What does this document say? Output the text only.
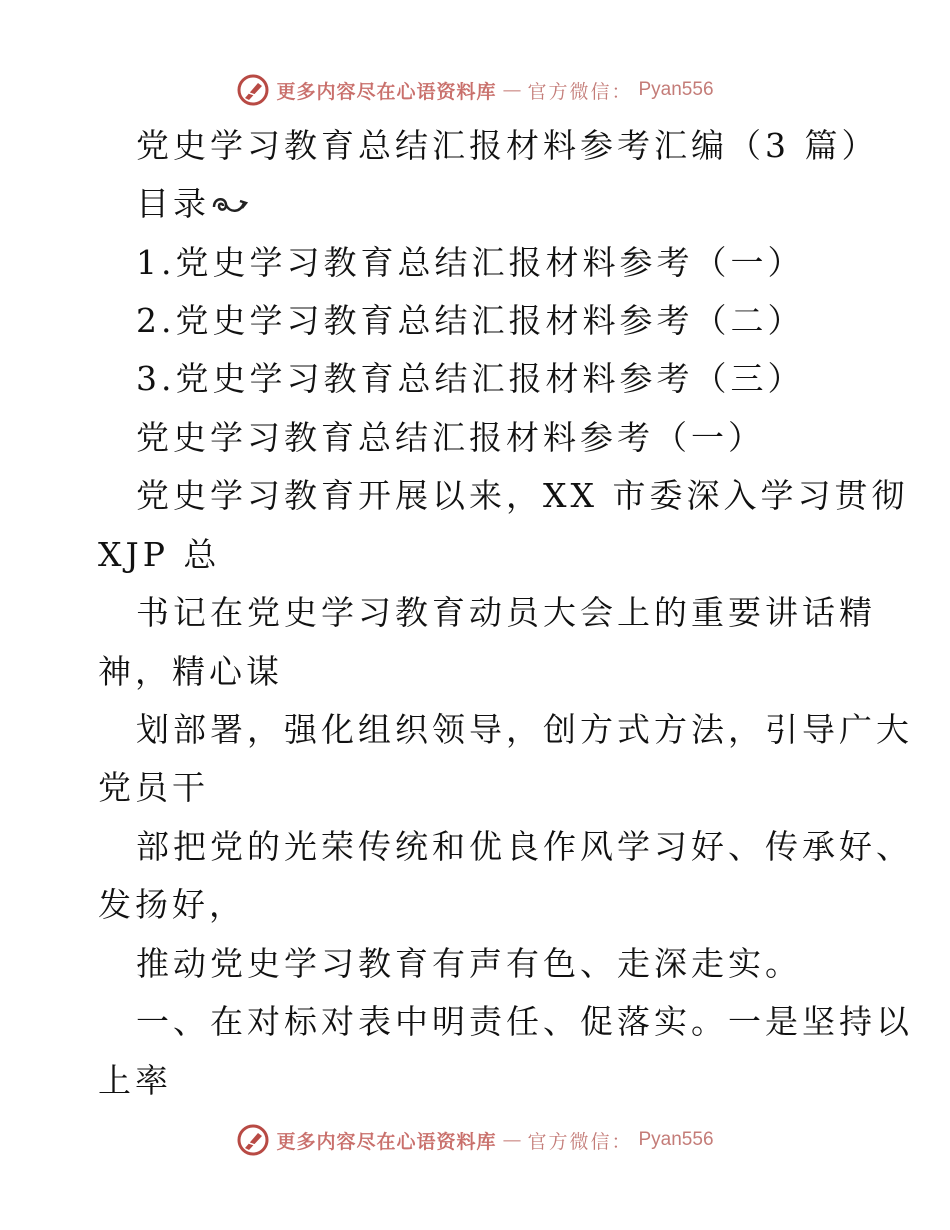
更多内容尽在心语资料库 — 官方微信： Pyan556
党史学习教育总结汇报材料参考汇编（3 篇）
目录
1.党史学习教育总结汇报材料参考（一）
2.党史学习教育总结汇报材料参考（二）
3.党史学习教育总结汇报材料参考（三）
党史学习教育总结汇报材料参考（一）
党史学习教育开展以来，XX 市委深入学习贯彻
XJP 总
书记在党史学习教育动员大会上的重要讲话精
神，精心谋
划部署，强化组织领导，创方式方法，引导广大
党员干
部把党的光荣传统和优良作风学习好、传承好、
发扬好，
推动党史学习教育有声有色、走深走实。
一、在对标对表中明责任、促落实。一是坚持以
上率
更多内容尽在心语资料库 — 官方微信： Pyan556
